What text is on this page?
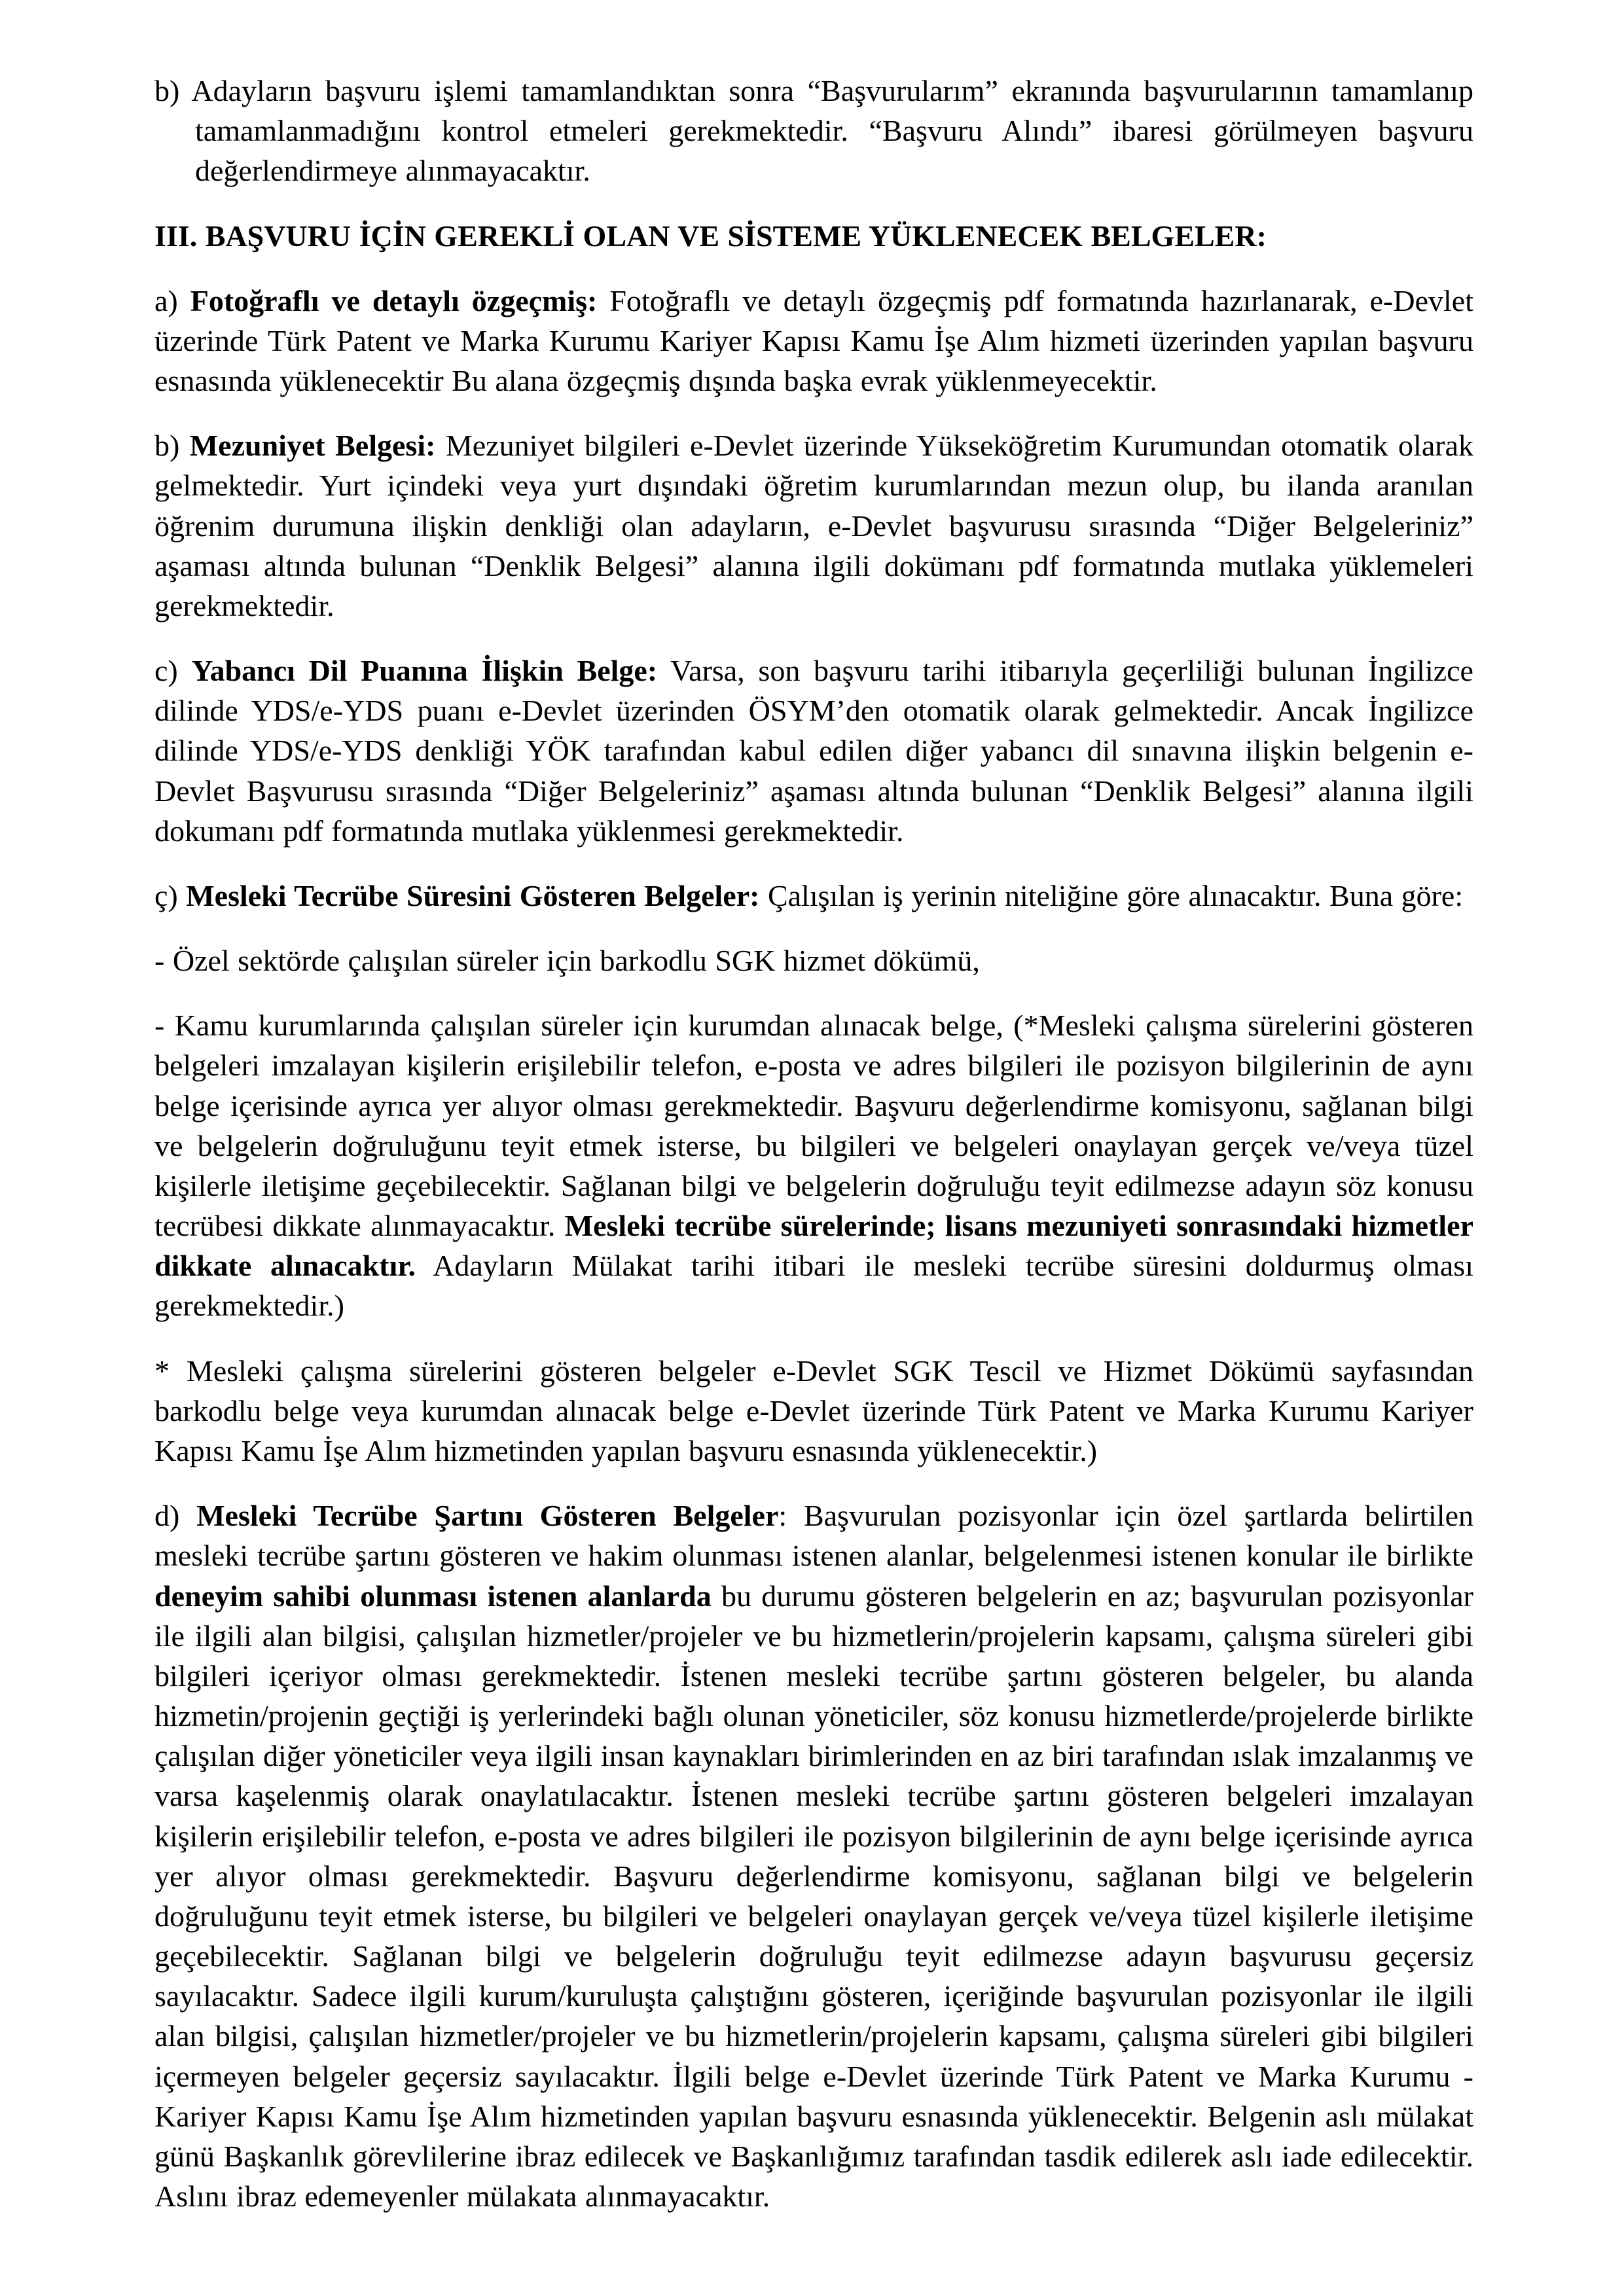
b) Adayların başvuru işlemi tamamlandıktan sonra “Başvurularım” ekranında başvurularının tamamlanıp tamamlanmadığını kontrol etmeleri gerekmektedir. “Başvuru Alındı” ibaresi görülmeyen başvuru değerlendirmeye alınmayacaktır.

III. BAŞVURU İÇİN GEREKLİ OLAN VE SİSTEME YÜKLENECEK BELGELER:

a) Fotoğraflı ve detaylı özgeçmiş: Fotoğraflı ve detaylı özgeçmiş pdf formatında hazırlanarak, e-Devlet üzerinde Türk Patent ve Marka Kurumu Kariyer Kapısı Kamu İşe Alım hizmeti üzerinden yapılan başvuru esnasında yüklenecektir Bu alana özgeçmiş dışında başka evrak yüklenmeyecektir.

b) Mezuniyet Belgesi: Mezuniyet bilgileri e-Devlet üzerinde Yükseköğretim Kurumundan otomatik olarak gelmektedir. Yurt içindeki veya yurt dışındaki öğretim kurumlarından mezun olup, bu ilanda aranılan öğrenim durumuna ilişkin denkliği olan adayların, e-Devlet başvurusu sırasında “Diğer Belgeleriniz” aşaması altında bulunan “Denklik Belgesi” alanına ilgili dokümanı pdf formatında mutlaka yüklemeleri gerekmektedir.

c) Yabancı Dil Puanına İlişkin Belge: Varsa, son başvuru tarihi itibarıyla geçerliliği bulunan İngilizce dilinde YDS/e-YDS puanı e-Devlet üzerinden ÖSYM’den otomatik olarak gelmektedir. Ancak İngilizce dilinde YDS/e-YDS denkliği YÖK tarafından kabul edilen diğer yabancı dil sınavına ilişkin belgenin e-Devlet Başvurusu sırasında “Diğer Belgeleriniz” aşaması altında bulunan “Denklik Belgesi” alanına ilgili dokumanı pdf formatında mutlaka yüklenmesi gerekmektedir.

ç) Mesleki Tecrübe Süresini Gösteren Belgeler: Çalışılan iş yerinin niteliğine göre alınacaktır. Buna göre:

- Özel sektörde çalışılan süreler için barkodlu SGK hizmet dökümü,

- Kamu kurumlarında çalışılan süreler için kurumdan alınacak belge, (*Mesleki çalışma sürelerini gösteren belgeleri imzalayan kişilerin erişilebilir telefon, e-posta ve adres bilgileri ile pozisyon bilgilerinin de aynı belge içerisinde ayrıca yer alıyor olması gerekmektedir. Başvuru değerlendirme komisyonu, sağlanan bilgi ve belgelerin doğruluğunu teyit etmek isterse, bu bilgileri ve belgeleri onaylayan gerçek ve/veya tüzel kişilerle iletişime geçebilecektir. Sağlanan bilgi ve belgelerin doğruluğu teyit edilmezse adayın söz konusu tecrübesi dikkate alınmayacaktır. Mesleki tecrübe sürelerinde; lisans mezuniyeti sonrasındaki hizmetler dikkate alınacaktır. Adayların Mülakat tarihi itibari ile mesleki tecrübe süresini doldurmuş olması gerekmektedir.)

* Mesleki çalışma sürelerini gösteren belgeler e-Devlet SGK Tescil ve Hizmet Dökümü sayfasından barkodlu belge veya kurumdan alınacak belge e-Devlet üzerinde Türk Patent ve Marka Kurumu Kariyer Kapısı Kamu İşe Alım hizmetinden yapılan başvuru esnasında yüklenecektir.)

d) Mesleki Tecrübe Şartını Gösteren Belgeler: Başvurulan pozisyonlar için özel şartlarda belirtilen mesleki tecrübe şartını gösteren ve hakim olunması istenen alanlar, belgelenmesi istenen konular ile birlikte deneyim sahibi olunması istenen alanlarda bu durumu gösteren belgelerin en az; başvurulan pozisyonlar ile ilgili alan bilgisi, çalışılan hizmetler/projeler ve bu hizmetlerin/projelerin kapsamı, çalışma süreleri gibi bilgileri içeriyor olması gerekmektedir. İstenen mesleki tecrübe şartını gösteren belgeler, bu alanda hizmetin/projenin geçtiği iş yerlerindeki bağlı olunan yöneticiler, söz konusu hizmetlerde/projelerde birlikte çalışılan diğer yöneticiler veya ilgili insan kaynakları birimlerinden en az biri tarafından ıslak imzalanmış ve varsa kaşelenmiş olarak onaylatılacaktır. İstenen mesleki tecrübe şartını gösteren belgeleri imzalayan kişilerin erişilebilir telefon, e-posta ve adres bilgileri ile pozisyon bilgilerinin de aynı belge içerisinde ayrıca yer alıyor olması gerekmektedir. Başvuru değerlendirme komisyonu, sağlanan bilgi ve belgelerin doğruluğunu teyit etmek isterse, bu bilgileri ve belgeleri onaylayan gerçek ve/veya tüzel kişilerle iletişime geçebilecektir. Sağlanan bilgi ve belgelerin doğruluğu teyit edilmezse adayın başvurusu geçersiz sayılacaktır. Sadece ilgili kurum/kuruluşta çalıştığını gösteren, içeriğinde başvurulan pozisyonlar ile ilgili alan bilgisi, çalışılan hizmetler/projeler ve bu hizmetlerin/projelerin kapsamı, çalışma süreleri gibi bilgileri içermeyen belgeler geçersiz sayılacaktır. İlgili belge e-Devlet üzerinde Türk Patent ve Marka Kurumu - Kariyer Kapısı Kamu İşe Alım hizmetinden yapılan başvuru esnasında yüklenecektir. Belgenin aslı mülakat günü Başkanlık görevlilerine ibraz edilecek ve Başkanlığımız tarafından tasdik edilerek aslı iade edilecektir. Aslını ibraz edemeyenler mülakata alınmayacaktır.
